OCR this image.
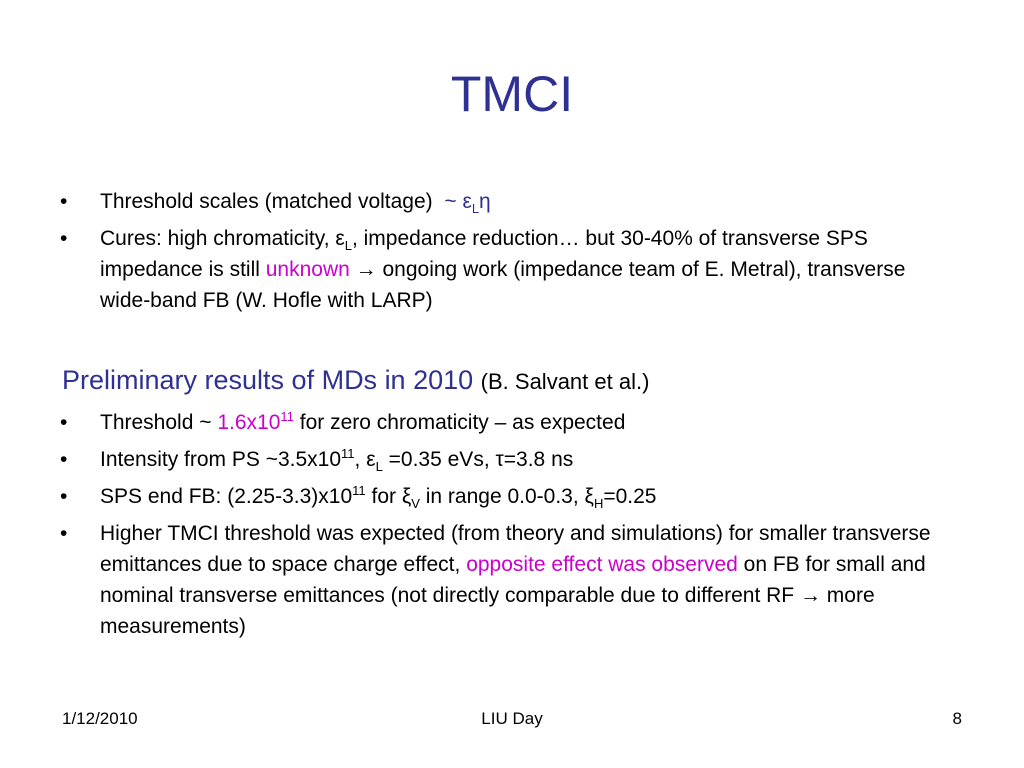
TMCI
•	Threshold scales (matched voltage) ~ $\varepsilon_L\eta$
•	Cures: high chromaticity, $\varepsilon_L$, impedance reduction… but 30-40% of transverse SPS impedance is still unknown → ongoing work (impedance team of E. Metral), transverse wide-band FB (W. Hofle with LARP)
Preliminary results of MDs in 2010 (B. Salvant et al.)
•	Threshold ~ $1.6x10^{11}$ for zero chromaticity – as expected
•	Intensity from PS $\sim 3.5x10^{11}$, $\varepsilon_L =0.35$ eVs, τ=3.8 ns
•	SPS end FB: $(2.25-3.3)x10^{11}$ for $\xi_V$ in range 0.0-0.3, $\xi_H=0.25$
•	Higher TMCI threshold was expected (from theory and simulations) for smaller transverse emittances due to space charge effect, opposite effect was observed on FB for small and nominal transverse emittances (not directly comparable due to different RF → more measurements)
1/12/2010	LIU Day	8
